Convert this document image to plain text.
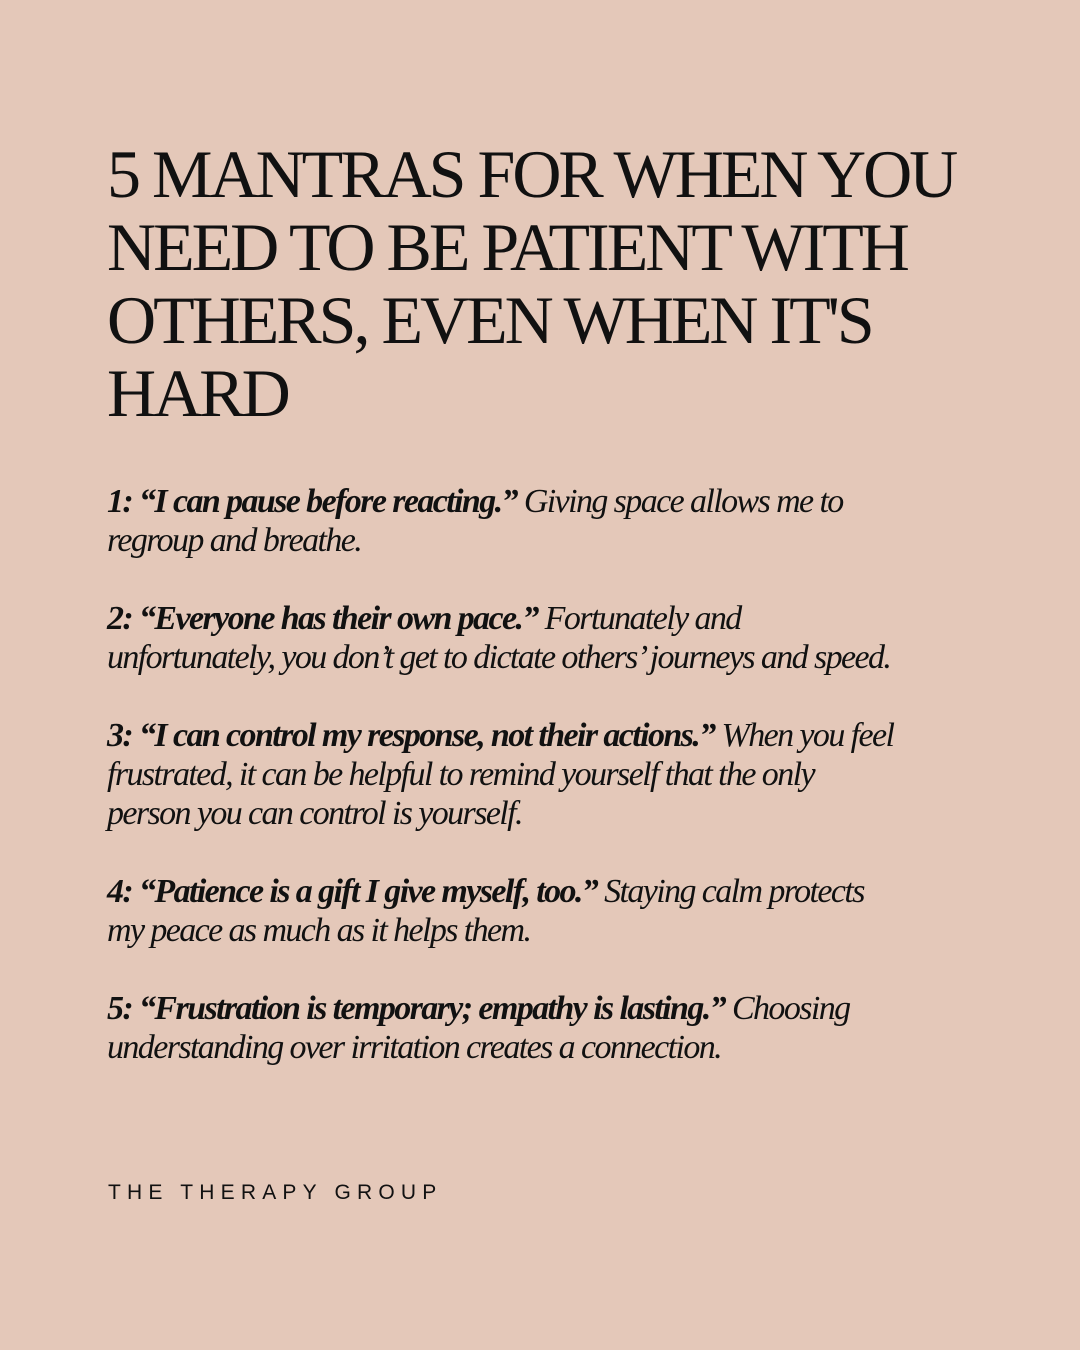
5 MANTRAS FOR WHEN YOU NEED TO BE PATIENT WITH OTHERS, EVEN WHEN IT'S HARD

1: “I can pause before reacting.” Giving space allows me to regroup and breathe.

2: “Everyone has their own pace.” Fortunately and unfortunately, you don’t get to dictate others’ journeys and speed.

3: “I can control my response, not their actions.” When you feel frustrated, it can be helpful to remind yourself that the only person you can control is yourself.

4: “Patience is a gift I give myself, too.” Staying calm protects my peace as much as it helps them.

5: “Frustration is temporary; empathy is lasting.” Choosing understanding over irritation creates a connection.

THE THERAPY GROUP
